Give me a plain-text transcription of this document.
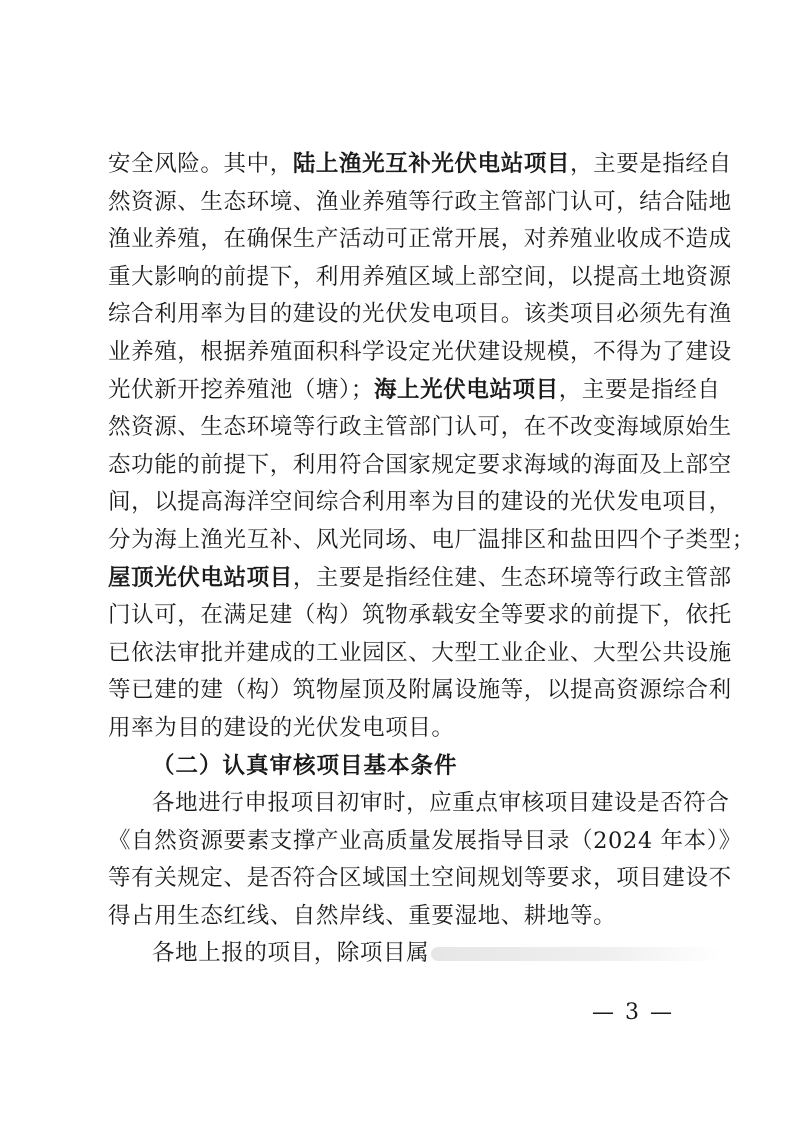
安全风险。其中，陆上渔光互补光伏电站项目，主要是指经自
然资源、生态环境、渔业养殖等行政主管部门认可，结合陆地
渔业养殖，在确保生产活动可正常开展，对养殖业收成不造成
重大影响的前提下，利用养殖区域上部空间，以提高土地资源
综合利用率为目的建设的光伏发电项目。该类项目必须先有渔
业养殖，根据养殖面积科学设定光伏建设规模，不得为了建设
光伏新开挖养殖池（塘）；海上光伏电站项目，主要是指经自
然资源、生态环境等行政主管部门认可，在不改变海域原始生
态功能的前提下，利用符合国家规定要求海域的海面及上部空
间，以提高海洋空间综合利用率为目的建设的光伏发电项目，
分为海上渔光互补、风光同场、电厂温排区和盐田四个子类型；
屋顶光伏电站项目，主要是指经住建、生态环境等行政主管部
门认可，在满足建（构）筑物承载安全等要求的前提下，依托
已依法审批并建成的工业园区、大型工业企业、大型公共设施
等已建的建（构）筑物屋顶及附属设施等，以提高资源综合利
用率为目的建设的光伏发电项目。
（二）认真审核项目基本条件
各地进行申报项目初审时，应重点审核项目建设是否符合
《自然资源要素支撑产业高质量发展指导目录（2024 年本）》
等有关规定、是否符合区域国土空间规划等要求，项目建设不
得占用生态红线、自然岸线、重要湿地、耕地等。
各地上报的项目，除项目属
— 3 —
